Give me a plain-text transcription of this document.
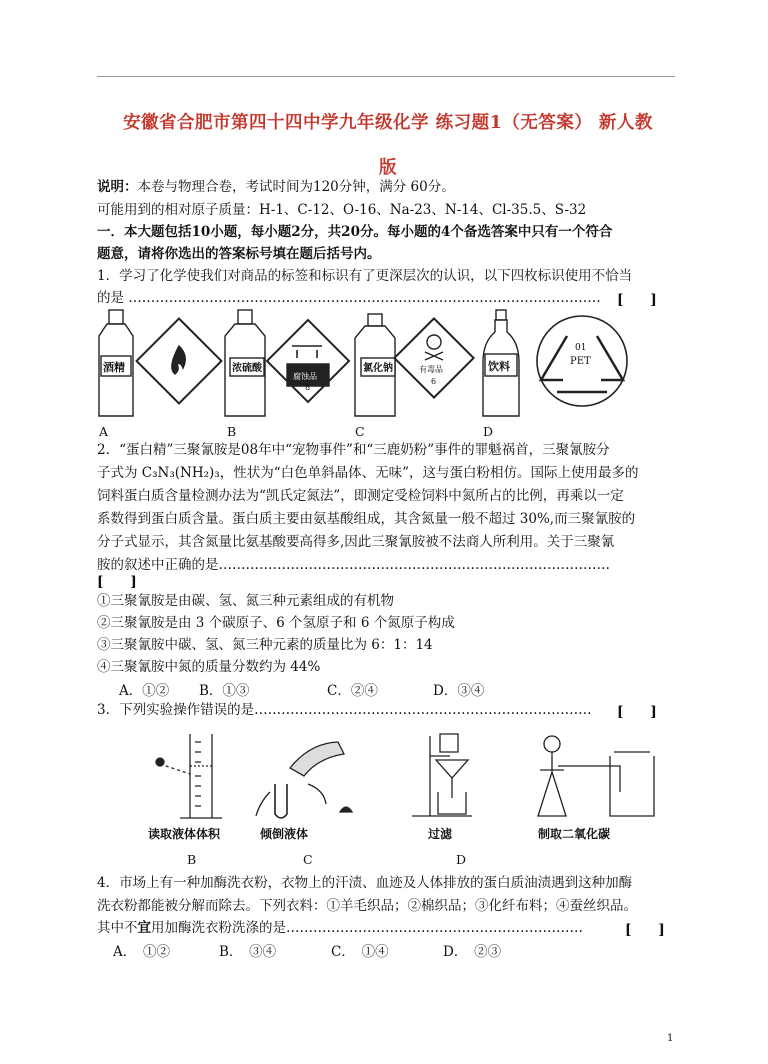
安徽省合肥市第四十四中学九年级化学 练习题1（无答案） 新人教
版
说明：本卷与物理合卷，考试时间为120分钟，满分 60分。
可能用到的相对原子质量：H-1、C-12、O-16、Na-23、N-14、Cl-35.5、S-32
一．本大题包括10小题，每小题2分，共20分。每小题的4个备选答案中只有一个符合
题意，请将你选出的答案标号填在题后括号内。
1．学习了化学使我们对商品的标签和标识有了更深层次的认识，以下四枚标识使用不恰当
的是 ……………………………………………………………………………………………	[　　]
酒精	浓硫酸	氯化钠	饮料
腐蚀品
8
有毒品
6
01
PET
A	B	C	D
2．“蛋白精”三聚氰胺是08年中“宠物事件”和“三鹿奶粉”事件的罪魁祸首，三聚氰胺分
子式为 C₃N₃(NH₂)₃，性状为“白色单斜晶体、无味”，这与蛋白粉相仿。国际上使用最多的
饲料蛋白质含量检测办法为“凯氏定氮法”，即测定受检饲料中氮所占的比例，再乘以一定
系数得到蛋白质含量。蛋白质主要由氨基酸组成，其含氮量一般不超过 30%,而三聚氰胺的
分子式显示，其含氮量比氨基酸要高得多,因此三聚氰胺被不法商人所利用。关于三聚氰
胺的叙述中正确的是……………………………………………………………………………
[　　]
①三聚氰胺是由碳、氢、氮三种元素组成的有机物
②三聚氰胺是由 3 个碳原子、6 个氢原子和 6 个氮原子构成
③三聚氰胺中碳、氢、氮三种元素的质量比为 6：1：14
④三聚氰胺中氮的质量分数约为 44%
A．①② B．①③	C．②④	D．③④
3．下列实验操作错误的是…………………………………………………………………	[　　]
读取液体体积	倾倒液体	过滤	制取二氧化碳
B	C	D
4．市场上有一种加酶洗衣粉，衣物上的汗渍、血迹及人体排放的蛋白质油渍遇到这种加酶
洗衣粉都能被分解而除去。下列衣料：①羊毛织品；②棉织品；③化纤布料；④蚕丝织品。
其中不宜用加酶洗衣粉洗涤的是…………………………………………………………	[　　]
A．　①②	B．　③④	C．　①④	D．　②③
1
